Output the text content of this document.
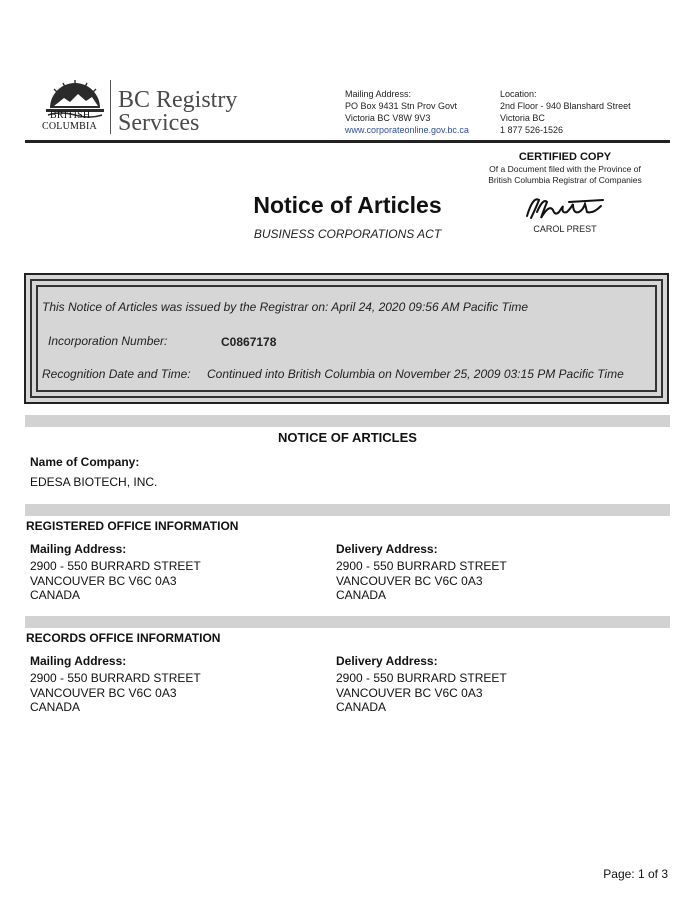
BRITISH
COLUMBIA
BC Registry
Services
Mailing Address:
PO Box 9431 Stn Prov Govt
Victoria BC V8W 9V3
www.corporateonline.gov.bc.ca
Location:
2nd Floor - 940 Blanshard Street
Victoria BC
1 877 526-1526
Notice of Articles
BUSINESS CORPORATIONS ACT
CERTIFIED COPY
Of a Document filed with the Province of
British Columbia Registrar of Companies
CAROL PREST
This Notice of Articles was issued by the Registrar on: April 24, 2020 09:56 AM Pacific Time
Incorporation Number:	C0867178
Recognition Date and Time: Continued into British Columbia on November 25, 2009 03:15 PM Pacific Time
NOTICE OF ARTICLES
Name of Company:
EDESA BIOTECH, INC.
REGISTERED OFFICE INFORMATION
Mailing Address:
2900 - 550 BURRARD STREET
VANCOUVER BC V6C 0A3
CANADA
Delivery Address:
2900 - 550 BURRARD STREET
VANCOUVER BC V6C 0A3
CANADA
RECORDS OFFICE INFORMATION
Mailing Address:
2900 - 550 BURRARD STREET
VANCOUVER BC V6C 0A3
CANADA
Delivery Address:
2900 - 550 BURRARD STREET
VANCOUVER BC V6C 0A3
CANADA
Page: 1 of 3
